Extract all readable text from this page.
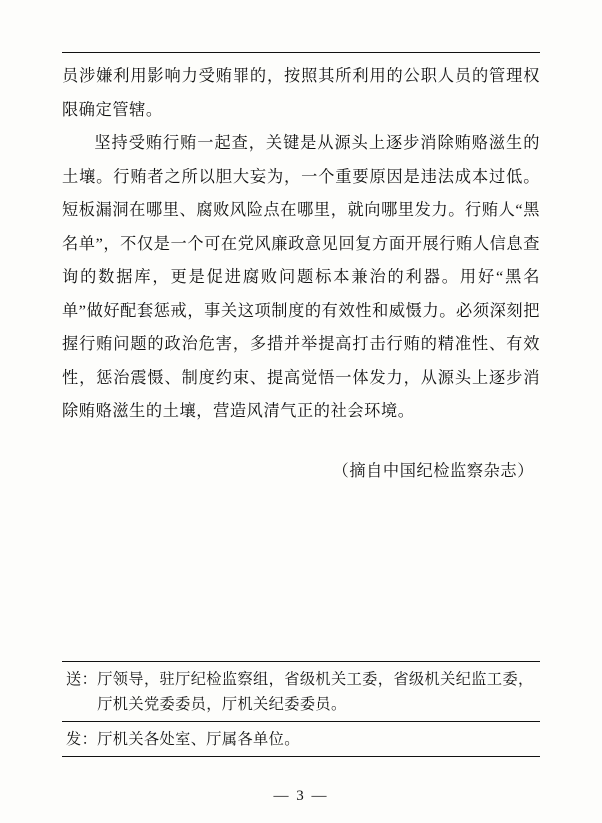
员涉嫌利用影响力受贿罪的，按照其所利用的公职人员的管理权限确定管辖。

坚持受贿行贿一起查，关键是从源头上逐步消除贿赂滋生的土壤。行贿者之所以胆大妄为，一个重要原因是违法成本过低。短板漏洞在哪里、腐败风险点在哪里，就向哪里发力。行贿人“黑名单”，不仅是一个可在党风廉政意见回复方面开展行贿人信息查询的数据库，更是促进腐败问题标本兼治的利器。用好“黑名单”做好配套惩戒，事关这项制度的有效性和威慑力。必须深刻把握行贿问题的政治危害，多措并举提高打击行贿的精准性、有效性，惩治震慑、制度约束、提高觉悟一体发力，从源头上逐步消除贿赂滋生的土壤，营造风清气正的社会环境。

（摘自中国纪检监察杂志）
送： 厅领导，驻厅纪检监察组，省级机关工委，省级机关纪监工委，厅机关党委委员，厅机关纪委委员。
发： 厅机关各处室、厅属各单位。
— 3 —
